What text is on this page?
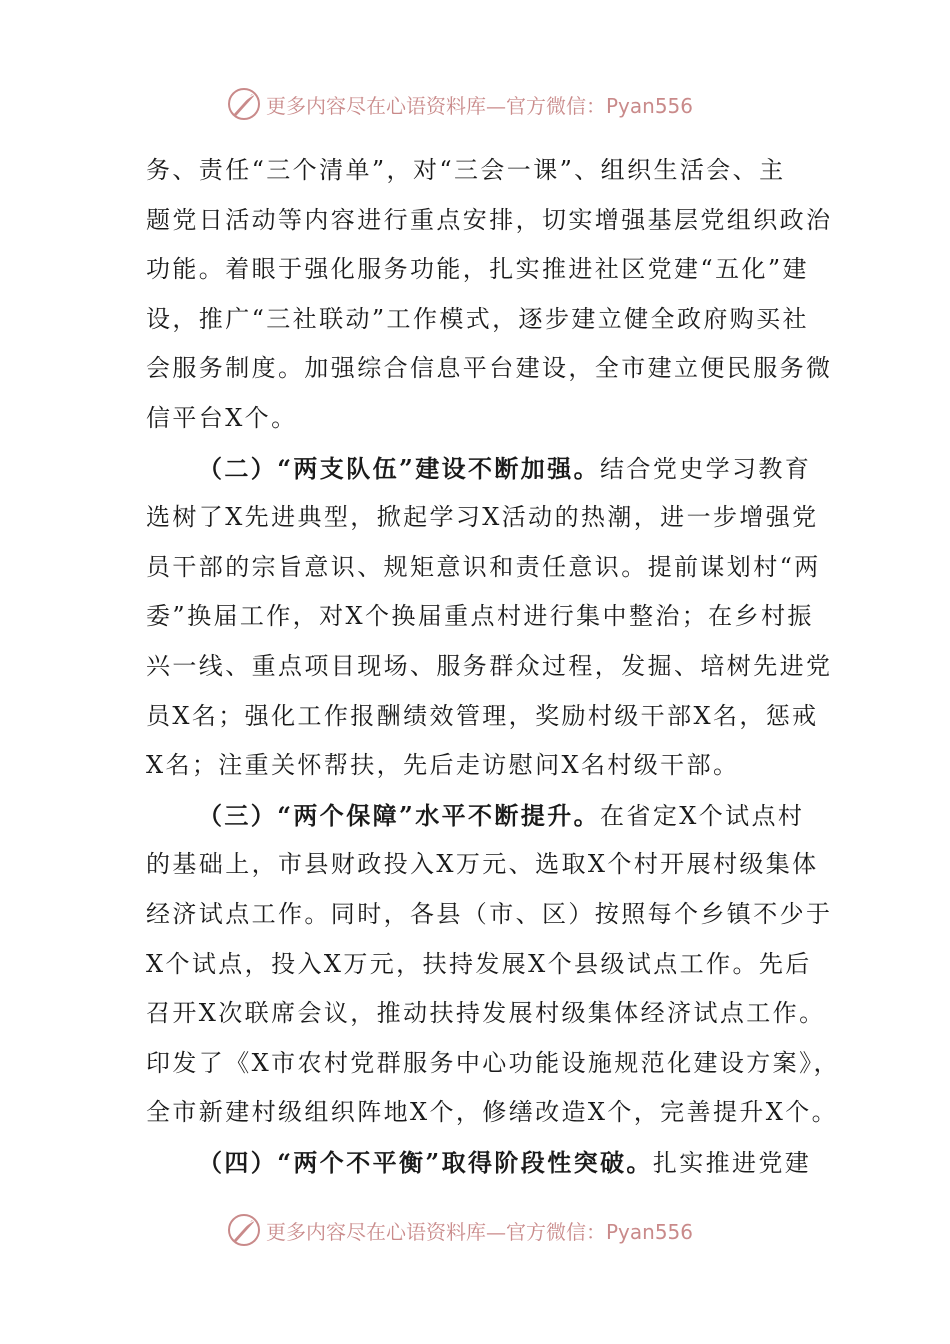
更多内容尽在心语资料库—官方微信：Pyan556
务、责任“三个清单”，对“三会一课”、组织生活会、主
题党日活动等内容进行重点安排，切实增强基层党组织政治
功能。着眼于强化服务功能，扎实推进社区党建“五化”建
设，推广“三社联动”工作模式，逐步建立健全政府购买社
会服务制度。加强综合信息平台建设，全市建立便民服务微
信平台X个。
（二）“两支队伍”建设不断加强。结合党史学习教育
选树了X先进典型，掀起学习X活动的热潮，进一步增强党
员干部的宗旨意识、规矩意识和责任意识。提前谋划村“两
委”换届工作，对X个换届重点村进行集中整治；在乡村振
兴一线、重点项目现场、服务群众过程，发掘、培树先进党
员X名；强化工作报酬绩效管理，奖励村级干部X名，惩戒
X名；注重关怀帮扶，先后走访慰问X名村级干部。
（三）“两个保障”水平不断提升。在省定X个试点村
的基础上，市县财政投入X万元、选取X个村开展村级集体
经济试点工作。同时，各县（市、区）按照每个乡镇不少于
X个试点，投入X万元，扶持发展X个县级试点工作。先后
召开X次联席会议，推动扶持发展村级集体经济试点工作。
印发了《X市农村党群服务中心功能设施规范化建设方案》，
全市新建村级组织阵地X个，修缮改造X个，完善提升X个。
（四）“两个不平衡”取得阶段性突破。扎实推进党建
更多内容尽在心语资料库—官方微信：Pyan556
